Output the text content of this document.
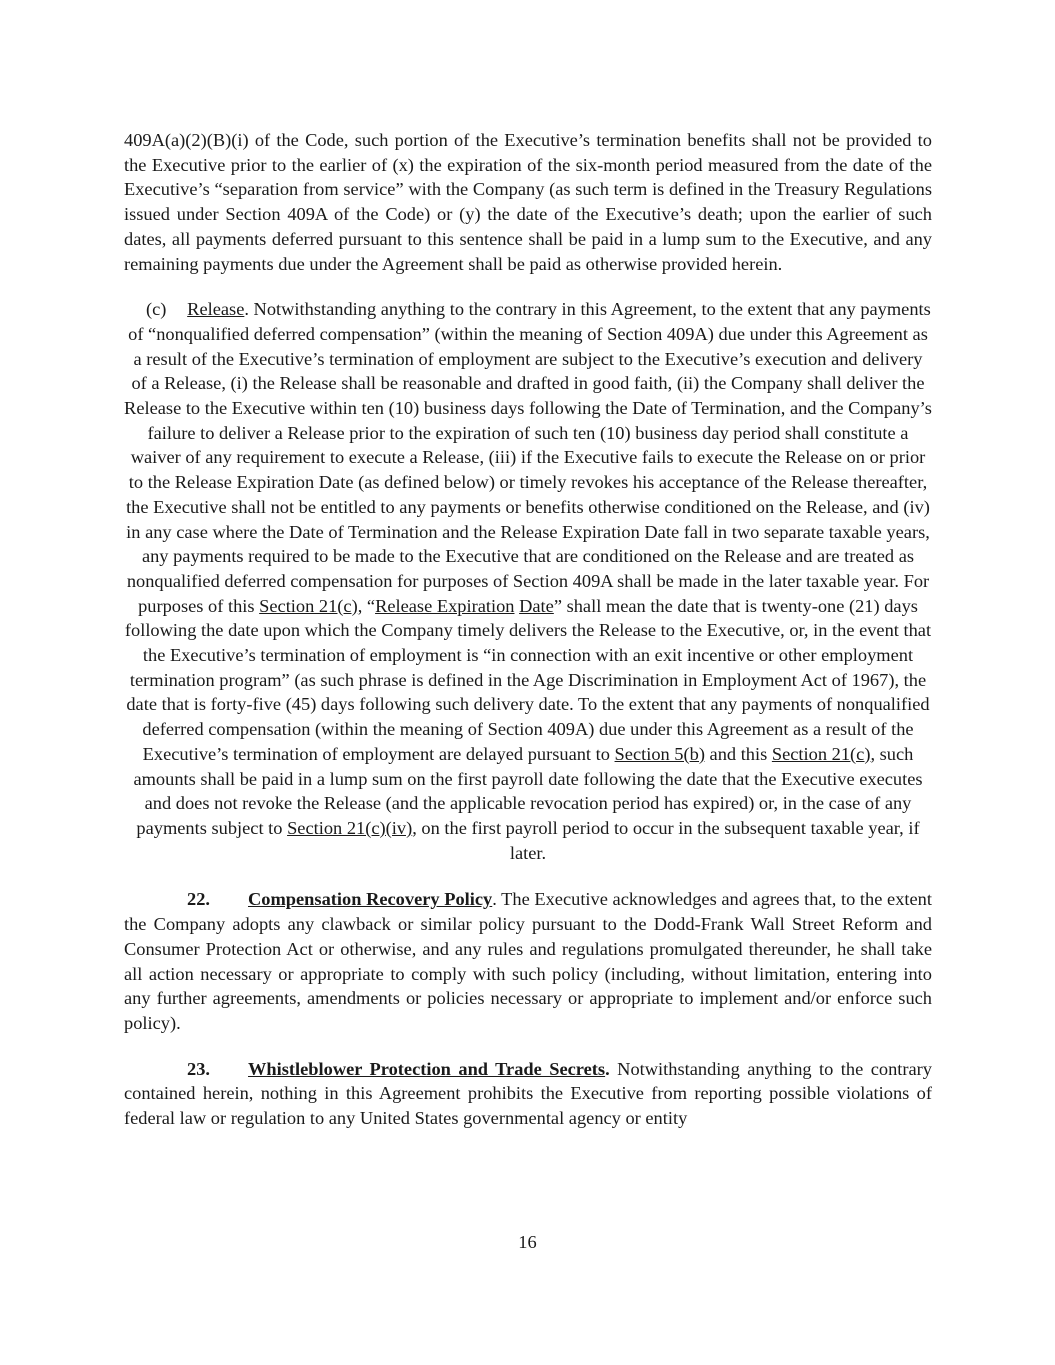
409A(a)(2)(B)(i) of the Code, such portion of the Executive’s termination benefits shall not be provided to the Executive prior to the earlier of (x) the expiration of the six-month period measured from the date of the Executive’s “separation from service” with the Company (as such term is defined in the Treasury Regulations issued under Section 409A of the Code) or (y) the date of the Executive’s death; upon the earlier of such dates, all payments deferred pursuant to this sentence shall be paid in a lump sum to the Executive, and any remaining payments due under the Agreement shall be paid as otherwise provided herein.

(c) Release. Notwithstanding anything to the contrary in this Agreement, to the extent that any payments of “nonqualified deferred compensation” (within the meaning of Section 409A) due under this Agreement as a result of the Executive’s termination of employment are subject to the Executive’s execution and delivery of a Release, (i) the Release shall be reasonable and drafted in good faith, (ii) the Company shall deliver the Release to the Executive within ten (10) business days following the Date of Termination, and the Company’s failure to deliver a Release prior to the expiration of such ten (10) business day period shall constitute a waiver of any requirement to execute a Release, (iii) if the Executive fails to execute the Release on or prior to the Release Expiration Date (as defined below) or timely revokes his acceptance of the Release thereafter, the Executive shall not be entitled to any payments or benefits otherwise conditioned on the Release, and (iv) in any case where the Date of Termination and the Release Expiration Date fall in two separate taxable years, any payments required to be made to the Executive that are conditioned on the Release and are treated as nonqualified deferred compensation for purposes of Section 409A shall be made in the later taxable year. For purposes of this Section 21(c), “Release Expiration Date” shall mean the date that is twenty-one (21) days following the date upon which the Company timely delivers the Release to the Executive, or, in the event that the Executive’s termination of employment is “in connection with an exit incentive or other employment termination program” (as such phrase is defined in the Age Discrimination in Employment Act of 1967), the date that is forty-five (45) days following such delivery date. To the extent that any payments of nonqualified deferred compensation (within the meaning of Section 409A) due under this Agreement as a result of the Executive’s termination of employment are delayed pursuant to Section 5(b) and this Section 21(c), such amounts shall be paid in a lump sum on the first payroll date following the date that the Executive executes and does not revoke the Release (and the applicable revocation period has expired) or, in the case of any payments subject to Section 21(c)(iv), on the first payroll period to occur in the subsequent taxable year, if later.

22. Compensation Recovery Policy. The Executive acknowledges and agrees that, to the extent the Company adopts any clawback or similar policy pursuant to the Dodd-Frank Wall Street Reform and Consumer Protection Act or otherwise, and any rules and regulations promulgated thereunder, he shall take all action necessary or appropriate to comply with such policy (including, without limitation, entering into any further agreements, amendments or policies necessary or appropriate to implement and/or enforce such policy).

23. Whistleblower Protection and Trade Secrets. Notwithstanding anything to the contrary contained herein, nothing in this Agreement prohibits the Executive from reporting possible violations of federal law or regulation to any United States governmental agency or entity

16
